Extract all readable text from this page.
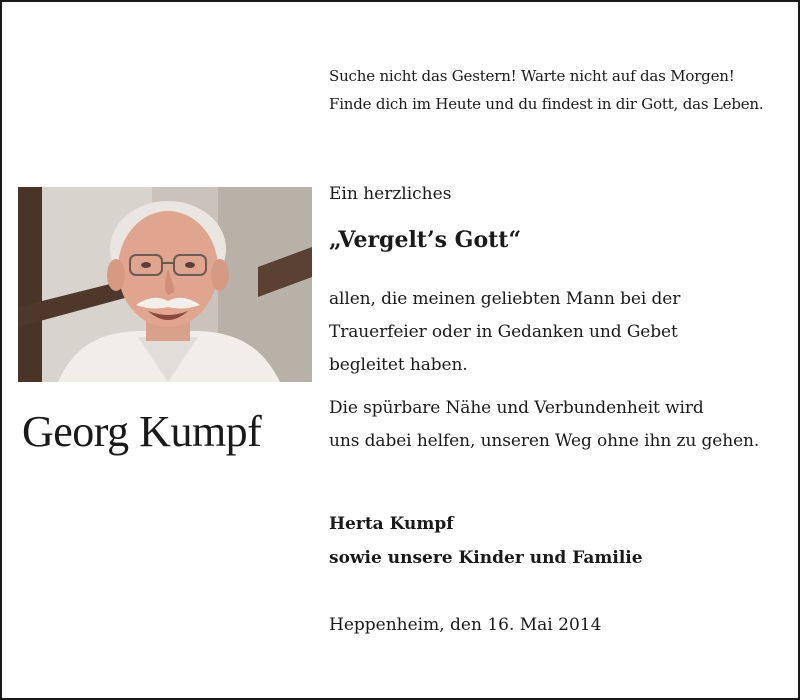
Suche nicht das Gestern! Warte nicht auf das Morgen!
Finde dich im Heute und du findest in dir Gott, das Leben.
Georg Kumpf
Ein herzliches
„Vergelt’s Gott“
allen, die meinen geliebten Mann bei der
Trauerfeier oder in Gedanken und Gebet
begleitet haben.
Die spürbare Nähe und Verbundenheit wird
uns dabei helfen, unseren Weg ohne ihn zu gehen.
Herta Kumpf
sowie unsere Kinder und Familie
Heppenheim, den 16. Mai 2014
